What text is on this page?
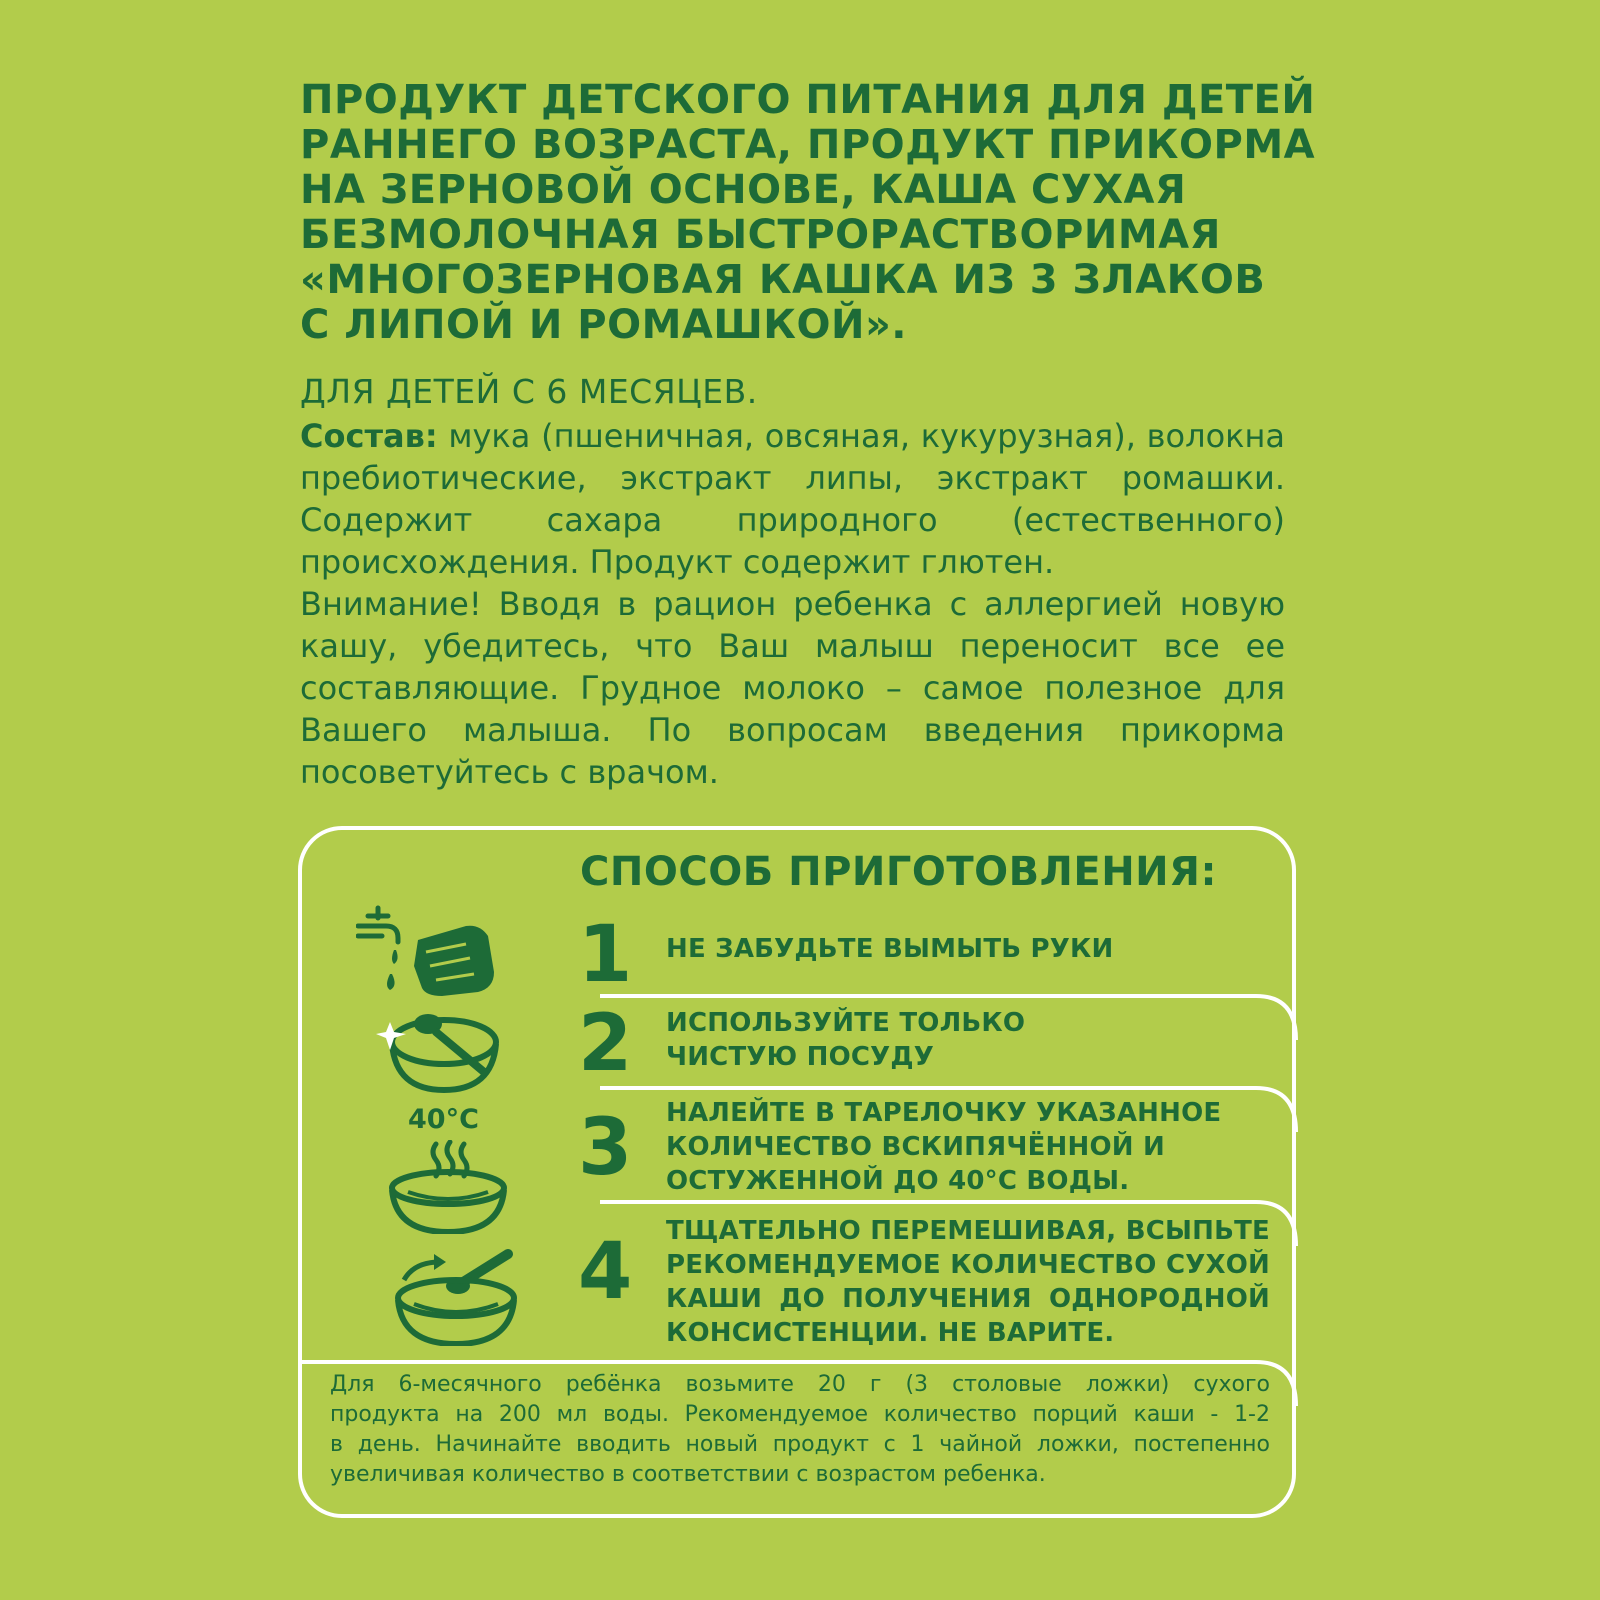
ПРОДУКТ ДЕТСКОГО ПИТАНИЯ ДЛЯ ДЕТЕЙ
РАННЕГО ВОЗРАСТА, ПРОДУКТ ПРИКОРМА
НА ЗЕРНОВОЙ ОСНОВЕ, КАША СУХАЯ
БЕЗМОЛОЧНАЯ БЫСТРОРАСТВОРИМАЯ
«МНОГОЗЕРНОВАЯ КАШКА ИЗ 3 ЗЛАКОВ
С ЛИПОЙ И РОМАШКОЙ».

ДЛЯ ДЕТЕЙ С 6 МЕСЯЦЕВ.

Состав: мука (пшеничная, овсяная, кукурузная), волокна пребиотические, экстракт липы, экстракт ромашки. Содержит сахара природного (естественного) происхождения. Продукт содержит глютен.

Внимание! Вводя в рацион ребенка с аллергией новую кашу, убедитесь, что Ваш малыш переносит все ее составляющие. Грудное молоко – самое полезное для Вашего малыша. По вопросам введения прикорма посоветуйтесь с врачом.

СПОСОБ ПРИГОТОВЛЕНИЯ:
40°C
1 НЕ ЗАБУДЬТЕ ВЫМЫТЬ РУКИ
2 ИСПОЛЬЗУЙТЕ ТОЛЬКО
ЧИСТУЮ ПОСУДУ
3 НАЛЕЙТЕ В ТАРЕЛОЧКУ УКАЗАННОЕ
КОЛИЧЕСТВО ВСКИПЯЧЁННОЙ И
ОСТУЖЕННОЙ ДО 40°С ВОДЫ.
4 ТЩАТЕЛЬНО ПЕРЕМЕШИВАЯ, ВСЫПЬТЕ
РЕКОМЕНДУЕМОЕ КОЛИЧЕСТВО СУХОЙ
КАШИ ДО ПОЛУЧЕНИЯ ОДНОРОДНОЙ
КОНСИСТЕНЦИИ. НЕ ВАРИТЕ.

Для 6-месячного ребёнка возьмите 20 г (3 столовые ложки) сухого
продукта на 200 мл воды. Рекомендуемое количество порций каши - 1-2
в день. Начинайте вводить новый продукт с 1 чайной ложки, постепенно
увеличивая количество в соответствии с возрастом ребенка.
